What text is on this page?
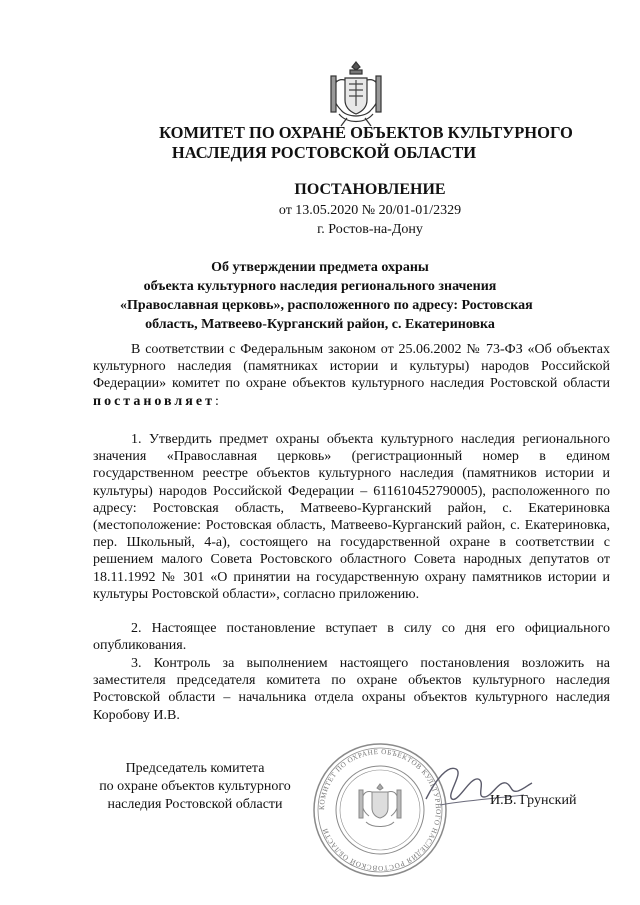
КОМИТЕТ ПО ОХРАНЕ ОБЪЕКТОВ КУЛЬТУРНОГО
НАСЛЕДИЯ РОСТОВСКОЙ ОБЛАСТИ
ПОСТАНОВЛЕНИЕ
от 13.05.2020 № 20/01-01/2329
г. Ростов-на-Дону
Об утверждении предмета охраны
объекта культурного наследия регионального значения
«Православная церковь», расположенного по адресу: Ростовская
область, Матвеево-Курганский район, с. Екатериновка

В соответствии с Федеральным законом от 25.06.2002 № 73-ФЗ «Об объектах культурного наследия (памятниках истории и культуры) народов Российской Федерации» комитет по охране объектов культурного наследия Ростовской области постановляет:

1. Утвердить предмет охраны объекта культурного наследия регионального значения «Православная церковь» (регистрационный номер в едином государственном реестре объектов культурного наследия (памятников истории и культуры) народов Российской Федерации – 611610452790005), расположенного по адресу: Ростовская область, Матвеево-Курганский район, с. Екатериновка (местоположение: Ростовская область, Матвеево-Курганский район, с. Екатериновка, пер. Школьный, 4-а), состоящего на государственной охране в соответствии с решением малого Совета Ростовского областного Совета народных депутатов от 18.11.1992 № 301 «О принятии на государственную охрану памятников истории и культуры Ростовской области», согласно приложению.

2. Настоящее постановление вступает в силу со дня его официального опубликования.

3. Контроль за выполнением настоящего постановления возложить на заместителя председателя комитета по охране объектов культурного наследия Ростовской области – начальника отдела охраны объектов культурного наследия Коробову И.В.

Председатель комитета
по охране объектов культурного
наследия Ростовской области	КОМИТЕТ ПО ОХРАНЕ ОБЪЕКТОВ КУЛЬТУРНОГО НАСЛЕДИЯ РОСТОВСКОЙ ОБЛАСТИ
И.В. Грунский
